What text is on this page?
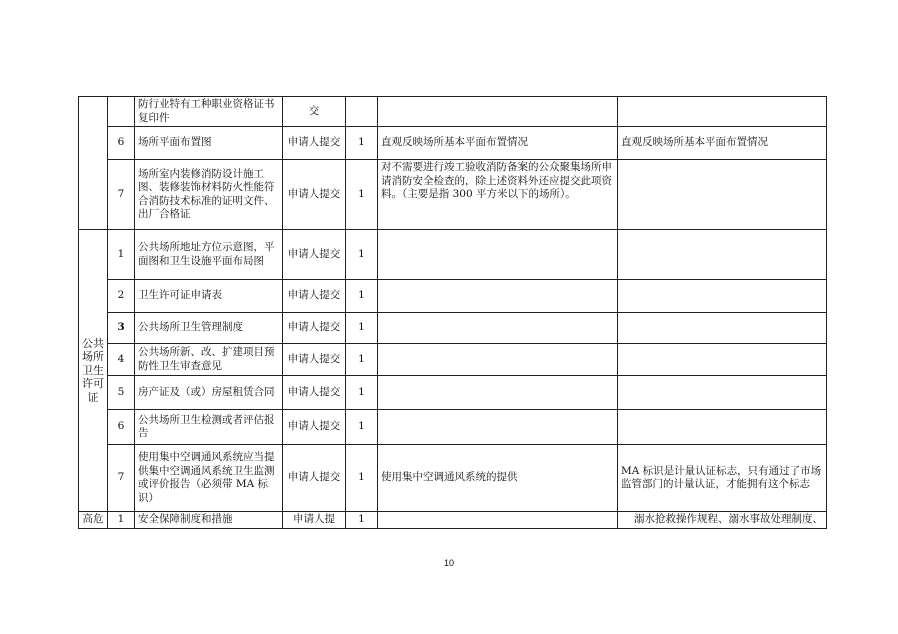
		防行业特有工种职业资格证书复印件	交			
	6	场所平面布置图	申请人提交	1	直观反映场所基本平面布置情况	直观反映场所基本平面布置情况
	7	场所室内装修消防设计施工图、装修装饰材料防火性能符合消防技术标准的证明文件、出厂合格证	申请人提交	1	对不需要进行竣工验收消防备案的公众聚集场所申请消防安全检查的，除上述资料外还应提交此项资料。（主要是指 300 平方米以下的场所）。	
公共场所卫生许可证	1	公共场所地址方位示意图，平面图和卫生设施平面布局图	申请人提交	1		
	2	卫生许可证申请表	申请人提交	1		
	3	公共场所卫生管理制度	申请人提交	1		
	4	公共场所新、改、扩建项目预防性卫生审查意见	申请人提交	1		
	5	房产证及（或）房屋租赁合同	申请人提交	1		
	6	公共场所卫生检测或者评估报告	申请人提交	1		
	7	使用集中空调通风系统应当提供集中空调通风系统卫生监测或评价报告（必须带 MA 标识）	申请人提交	1	使用集中空调通风系统的提供	MA 标识是计量认证标志，只有通过了市场监管部门的计量认证，才能拥有这个标志
高危	1	安全保障制度和措施	申请人提	1		溺水抢救操作规程、溺水事故处理制度、
10
